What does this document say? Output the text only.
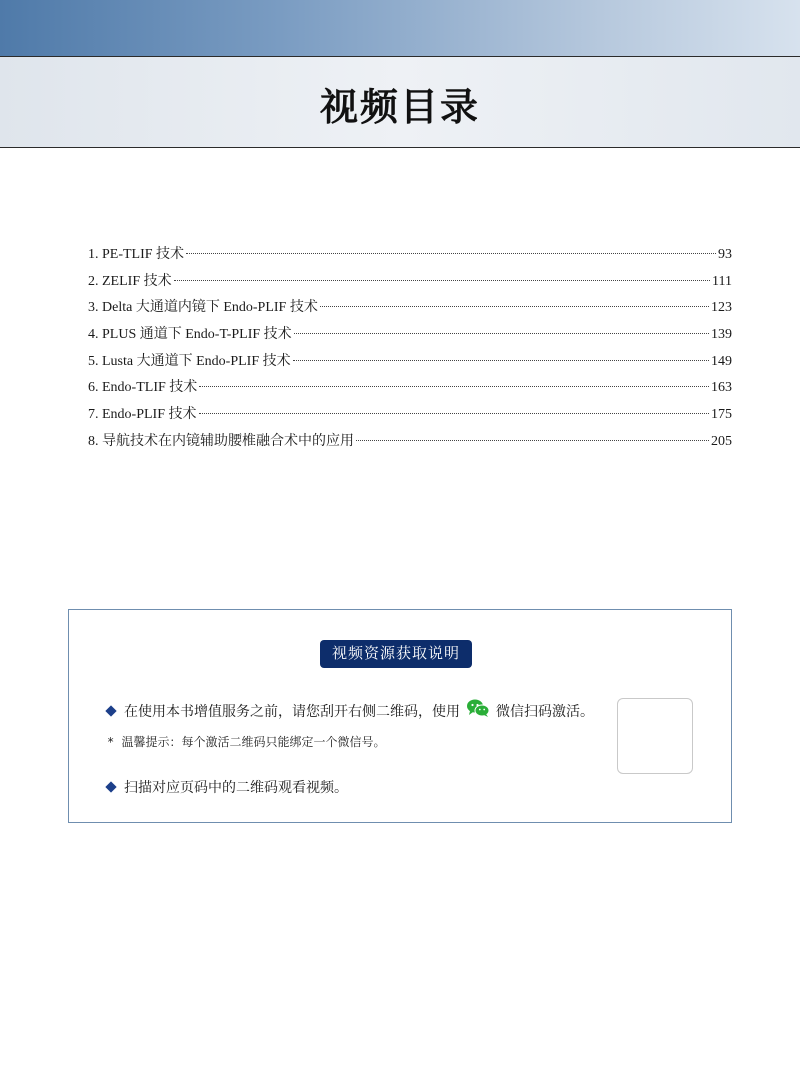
视频目录
1. PE-TLIF 技术	93
2. ZELIF 技术	111
3. Delta 大通道内镜下 Endo-PLIF 技术	123
4. PLUS 通道下 Endo-T-PLIF 技术	139
5. Lusta 大通道下 Endo-PLIF 技术	149
6. Endo-TLIF 技术	163
7. Endo-PLIF 技术	175
8. 导航技术在内镜辅助腰椎融合术中的应用	205
视频资源获取说明
在使用本书增值服务之前，请您刮开右侧二维码，使用	微信扫码激活。
* 温馨提示：每个激活二维码只能绑定一个微信号。
扫描对应页码中的二维码观看视频。
